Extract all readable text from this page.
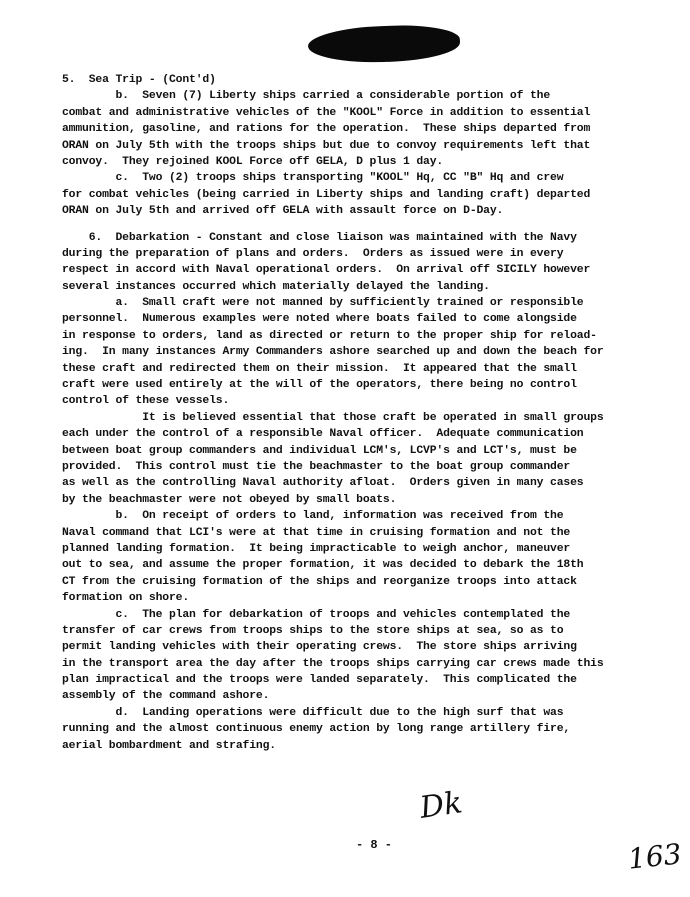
5.  Sea Trip - (Cont'd)
b.  Seven (7) Liberty ships carried a considerable portion of the
combat and administrative vehicles of the "KOOL" Force in addition to essential
ammunition, gasoline, and rations for the operation.  These ships departed from
ORAN on July 5th with the troops ships but due to convoy requirements left that
convoy.  They rejoined KOOL Force off GELA, D plus 1 day.
c.  Two (2) troops ships transporting "KOOL" Hq, CC "B" Hq and crew
for combat vehicles (being carried in Liberty ships and landing craft) departed
ORAN on July 5th and arrived off GELA with assault force on D-Day.
6.  Debarkation - Constant and close liaison was maintained with the Navy
during the preparation of plans and orders.  Orders as issued were in every
respect in accord with Naval operational orders.  On arrival off SICILY however
several instances occurred which materially delayed the landing.
a.  Small craft were not manned by sufficiently trained or responsible
personnel.  Numerous examples were noted where boats failed to come alongside
in response to orders, land as directed or return to the proper ship for reload-
ing.  In many instances Army Commanders ashore searched up and down the beach for
these craft and redirected them on their mission.  It appeared that the small
craft were used entirely at the will of the operators, there being no control
control of these vessels.
It is believed essential that those craft be operated in small groups
each under the control of a responsible Naval officer.  Adequate communication
between boat group commanders and individual LCM's, LCVP's and LCT's, must be
provided.  This control must tie the beachmaster to the boat group commander
as well as the controlling Naval authority afloat.  Orders given in many cases
by the beachmaster were not obeyed by small boats.
b.  On receipt of orders to land, information was received from the
Naval command that LCI's were at that time in cruising formation and not the
planned landing formation.  It being impracticable to weigh anchor, maneuver
out to sea, and assume the proper formation, it was decided to debark the 18th
CT from the cruising formation of the ships and reorganize troops into attack
formation on shore.
c.  The plan for debarkation of troops and vehicles contemplated the
transfer of car crews from troops ships to the store ships at sea, so as to
permit landing vehicles with their operating crews.  The store ships arriving
in the transport area the day after the troops ships carrying car crews made this
plan impractical and the troops were landed separately.  This complicated the
assembly of the command ashore.
d.  Landing operations were difficult due to the high surf that was
running and the almost continuous enemy action by long range artillery fire,
aerial bombardment and strafing.
Dk
- 8 -	163
